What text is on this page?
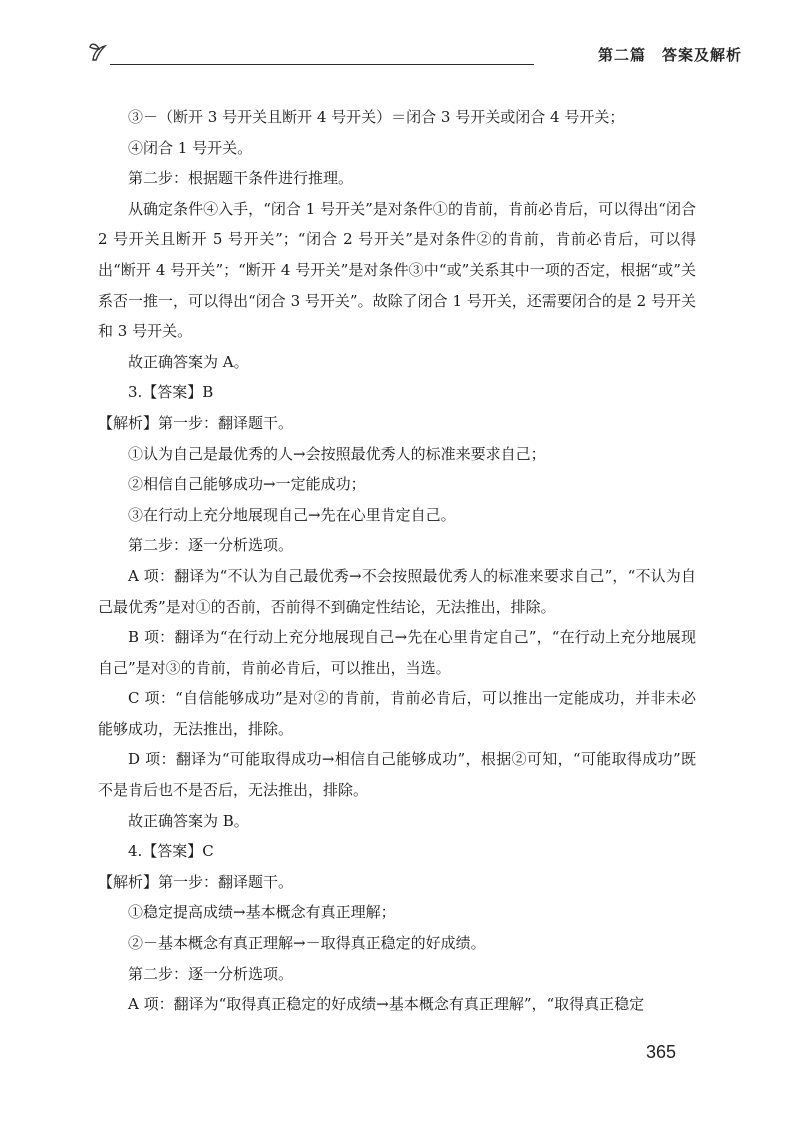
第二篇　答案及解析

③－（断开 3 号开关且断开 4 号开关）＝闭合 3 号开关或闭合 4 号开关；

④闭合 1 号开关。

第二步：根据题干条件进行推理。

从确定条件④入手，“闭合 1 号开关”是对条件①的肯前，肯前必肯后，可以得出“闭合 2 号开关且断开 5 号开关”；“闭合 2 号开关”是对条件②的肯前，肯前必肯后，可以得出“断开 4 号开关”；“断开 4 号开关”是对条件③中“或”关系其中一项的否定，根据“或”关系否一推一，可以得出“闭合 3 号开关”。故除了闭合 1 号开关，还需要闭合的是 2 号开关和 3 号开关。

故正确答案为 A。

3.【答案】B

【解析】第一步：翻译题干。

①认为自己是最优秀的人→会按照最优秀人的标准来要求自己；

②相信自己能够成功→一定能成功；

③在行动上充分地展现自己→先在心里肯定自己。

第二步：逐一分析选项。

A 项：翻译为“不认为自己最优秀→不会按照最优秀人的标准来要求自己”，“不认为自己最优秀”是对①的否前，否前得不到确定性结论，无法推出，排除。

B 项：翻译为“在行动上充分地展现自己→先在心里肯定自己”，“在行动上充分地展现自己”是对③的肯前，肯前必肯后，可以推出，当选。

C 项：“自信能够成功”是对②的肯前，肯前必肯后，可以推出一定能成功，并非未必能够成功，无法推出，排除。

D 项：翻译为“可能取得成功→相信自己能够成功”，根据②可知，“可能取得成功”既不是肯后也不是否后，无法推出，排除。

故正确答案为 B。

4.【答案】C

【解析】第一步：翻译题干。

①稳定提高成绩→基本概念有真正理解；

②－基本概念有真正理解→－取得真正稳定的好成绩。

第二步：逐一分析选项。

A 项：翻译为“取得真正稳定的好成绩→基本概念有真正理解”，“取得真正稳定

365
